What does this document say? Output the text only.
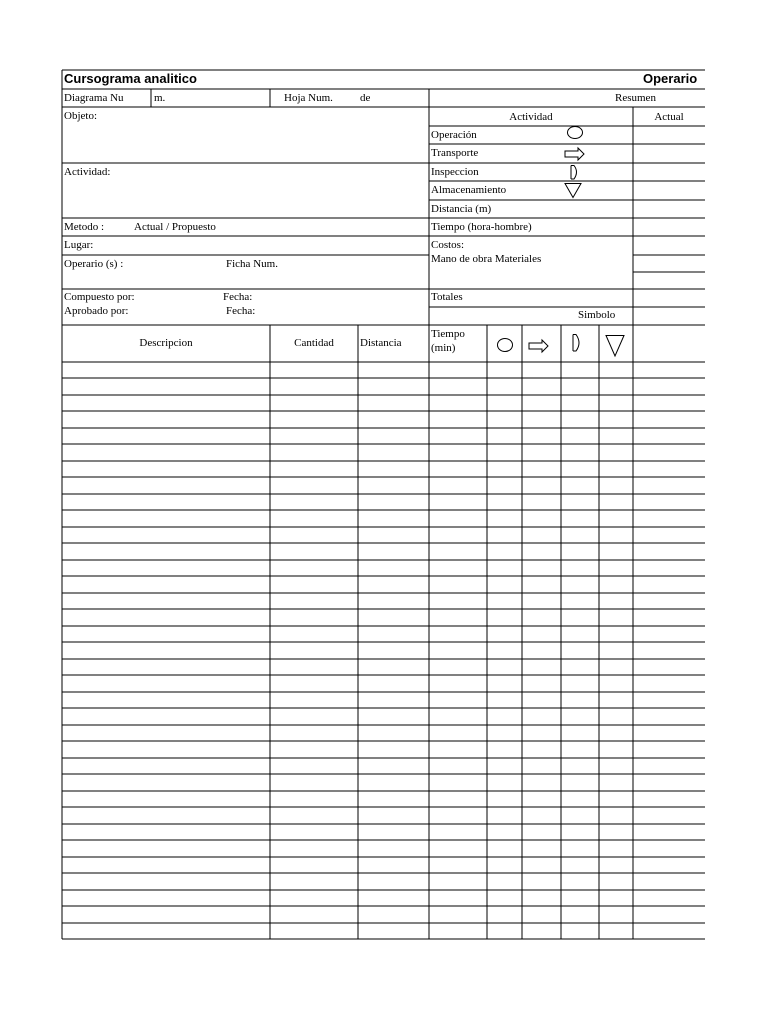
Cursograma analitico	Operario
Diagrama Nu	m.	Hoja Num. de	Resumen
Objeto:
Actividad:
Metodo :	Actual / Propuesto
Lugar:
Operario (s) :	Ficha Num.
Compuesto por:	Fecha:
Aprobado por:	Fecha:
Actividad	Actual
Operación
Transporte
Inspeccion
Almacenamiento
Distancia (m)
Tiempo (hora-hombre)
Costos:
Mano de obra Materiales
Totales
Simbolo
Descripcion	Cantidad	Distancia
Tiempo
(min)
